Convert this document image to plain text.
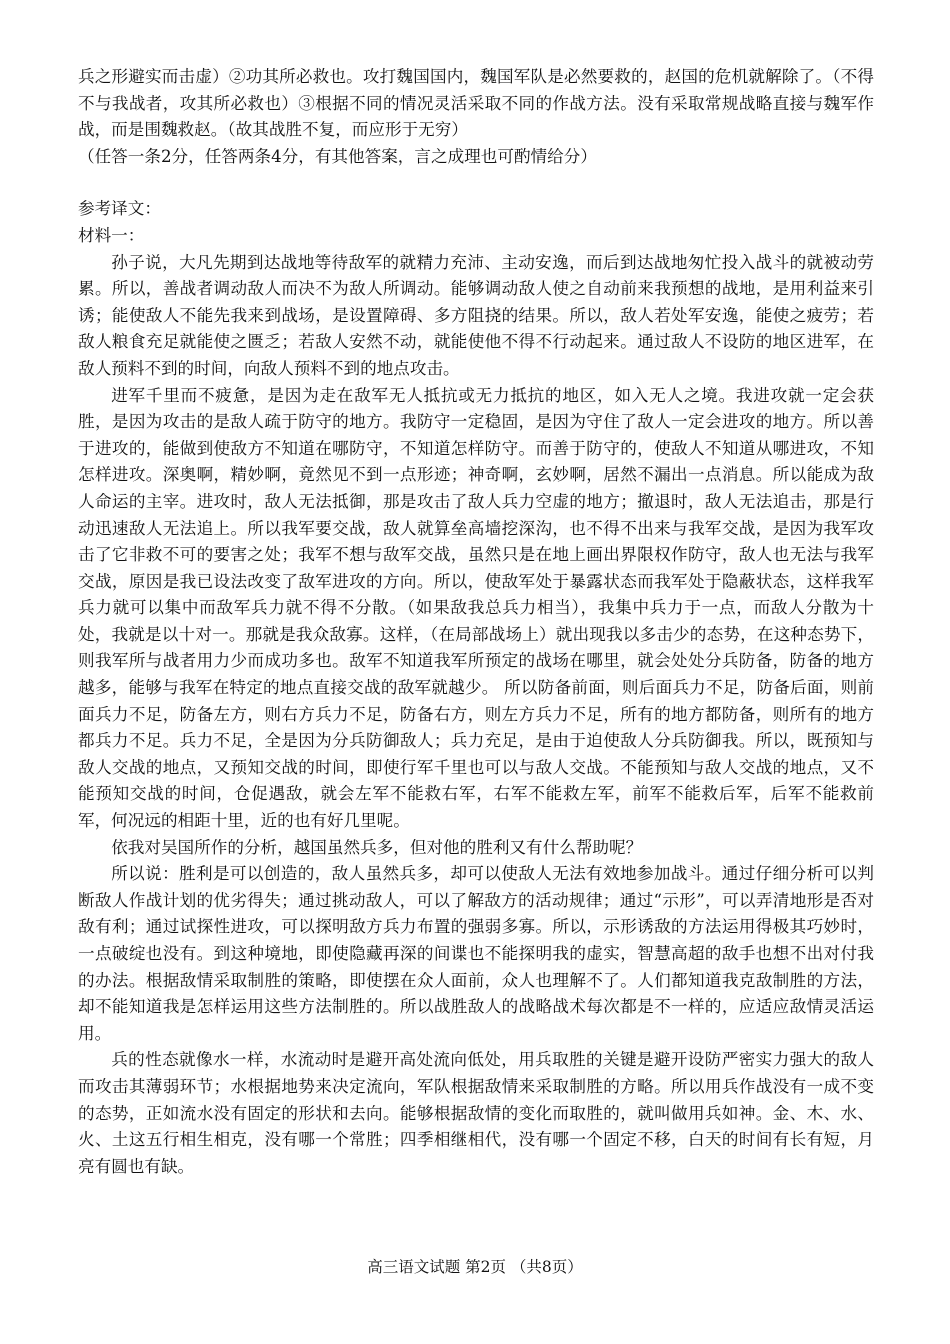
兵之形避实而击虚）②功其所必救也。攻打魏国国内，魏国军队是必然要救的，赵国的危机就解除了。（不得不与我战者，攻其所必救也）③根据不同的情况灵活采取不同的作战方法。没有采取常规战略直接与魏军作战，而是围魏救赵。（故其战胜不复，而应形于无穷）

（任答一条2分，任答两条4分，有其他答案，言之成理也可酌情给分）

参考译文：

材料一：

孙子说，大凡先期到达战地等待敌军的就精力充沛、主动安逸，而后到达战地匆忙投入战斗的就被动劳累。所以，善战者调动敌人而决不为敌人所调动。能够调动敌人使之自动前来我预想的战地，是用利益来引诱；能使敌人不能先我来到战场，是设置障碍、多方阻挠的结果。所以，敌人若处军安逸，能使之疲劳；若敌人粮食充足就能使之匮乏；若敌人安然不动，就能使他不得不行动起来。通过敌人不设防的地区进军，在敌人预料不到的时间，向敌人预料不到的地点攻击。

进军千里而不疲惫，是因为走在敌军无人抵抗或无力抵抗的地区，如入无人之境。我进攻就一定会获胜，是因为攻击的是敌人疏于防守的地方。我防守一定稳固，是因为守住了敌人一定会进攻的地方。所以善于进攻的，能做到使敌方不知道在哪防守，不知道怎样防守。而善于防守的，使敌人不知道从哪进攻，不知怎样进攻。深奥啊，精妙啊，竟然见不到一点形迹；神奇啊，玄妙啊，居然不漏出一点消息。所以能成为敌人命运的主宰。进攻时，敌人无法抵御，那是攻击了敌人兵力空虚的地方；撤退时，敌人无法追击，那是行动迅速敌人无法追上。所以我军要交战，敌人就算垒高墙挖深沟，也不得不出来与我军交战，是因为我军攻击了它非救不可的要害之处；我军不想与敌军交战，虽然只是在地上画出界限权作防守，敌人也无法与我军交战，原因是我已设法改变了敌军进攻的方向。所以，使敌军处于暴露状态而我军处于隐蔽状态，这样我军兵力就可以集中而敌军兵力就不得不分散。（如果敌我总兵力相当），我集中兵力于一点，而敌人分散为十处，我就是以十对一。那就是我众敌寡。这样，（在局部战场上）就出现我以多击少的态势，在这种态势下，则我军所与战者用力少而成功多也。敌军不知道我军所预定的战场在哪里，就会处处分兵防备，防备的地方越多，能够与我军在特定的地点直接交战的敌军就越少。 所以防备前面，则后面兵力不足，防备后面，则前面兵力不足，防备左方，则右方兵力不足，防备右方，则左方兵力不足，所有的地方都防备，则所有的地方都兵力不足。兵力不足，全是因为分兵防御敌人；兵力充足，是由于迫使敌人分兵防御我。所以，既预知与敌人交战的地点，又预知交战的时间，即使行军千里也可以与敌人交战。不能预知与敌人交战的地点，又不能预知交战的时间，仓促遇敌，就会左军不能救右军，右军不能救左军，前军不能救后军，后军不能救前军，何况远的相距十里，近的也有好几里呢。

依我对吴国所作的分析，越国虽然兵多，但对他的胜利又有什么帮助呢？

所以说：胜利是可以创造的，敌人虽然兵多，却可以使敌人无法有效地参加战斗。通过仔细分析可以判断敌人作战计划的优劣得失；通过挑动敌人，可以了解敌方的活动规律；通过“示形”，可以弄清地形是否对敌有利；通过试探性进攻，可以探明敌方兵力布置的强弱多寡。所以，示形诱敌的方法运用得极其巧妙时，一点破绽也没有。到这种境地，即使隐藏再深的间谍也不能探明我的虚实，智慧高超的敌手也想不出对付我的办法。根据敌情采取制胜的策略，即使摆在众人面前，众人也理解不了。人们都知道我克敌制胜的方法，却不能知道我是怎样运用这些方法制胜的。所以战胜敌人的战略战术每次都是不一样的，应适应敌情灵活运用。

兵的性态就像水一样，水流动时是避开高处流向低处，用兵取胜的关键是避开设防严密实力强大的敌人而攻击其薄弱环节；水根据地势来决定流向，军队根据敌情来采取制胜的方略。所以用兵作战没有一成不变的态势，正如流水没有固定的形状和去向。能够根据敌情的变化而取胜的，就叫做用兵如神。金、木、水、火、土这五行相生相克，没有哪一个常胜；四季相继相代，没有哪一个固定不移，白天的时间有长有短，月亮有圆也有缺。

高三语文试题 第2页 （共8页）
